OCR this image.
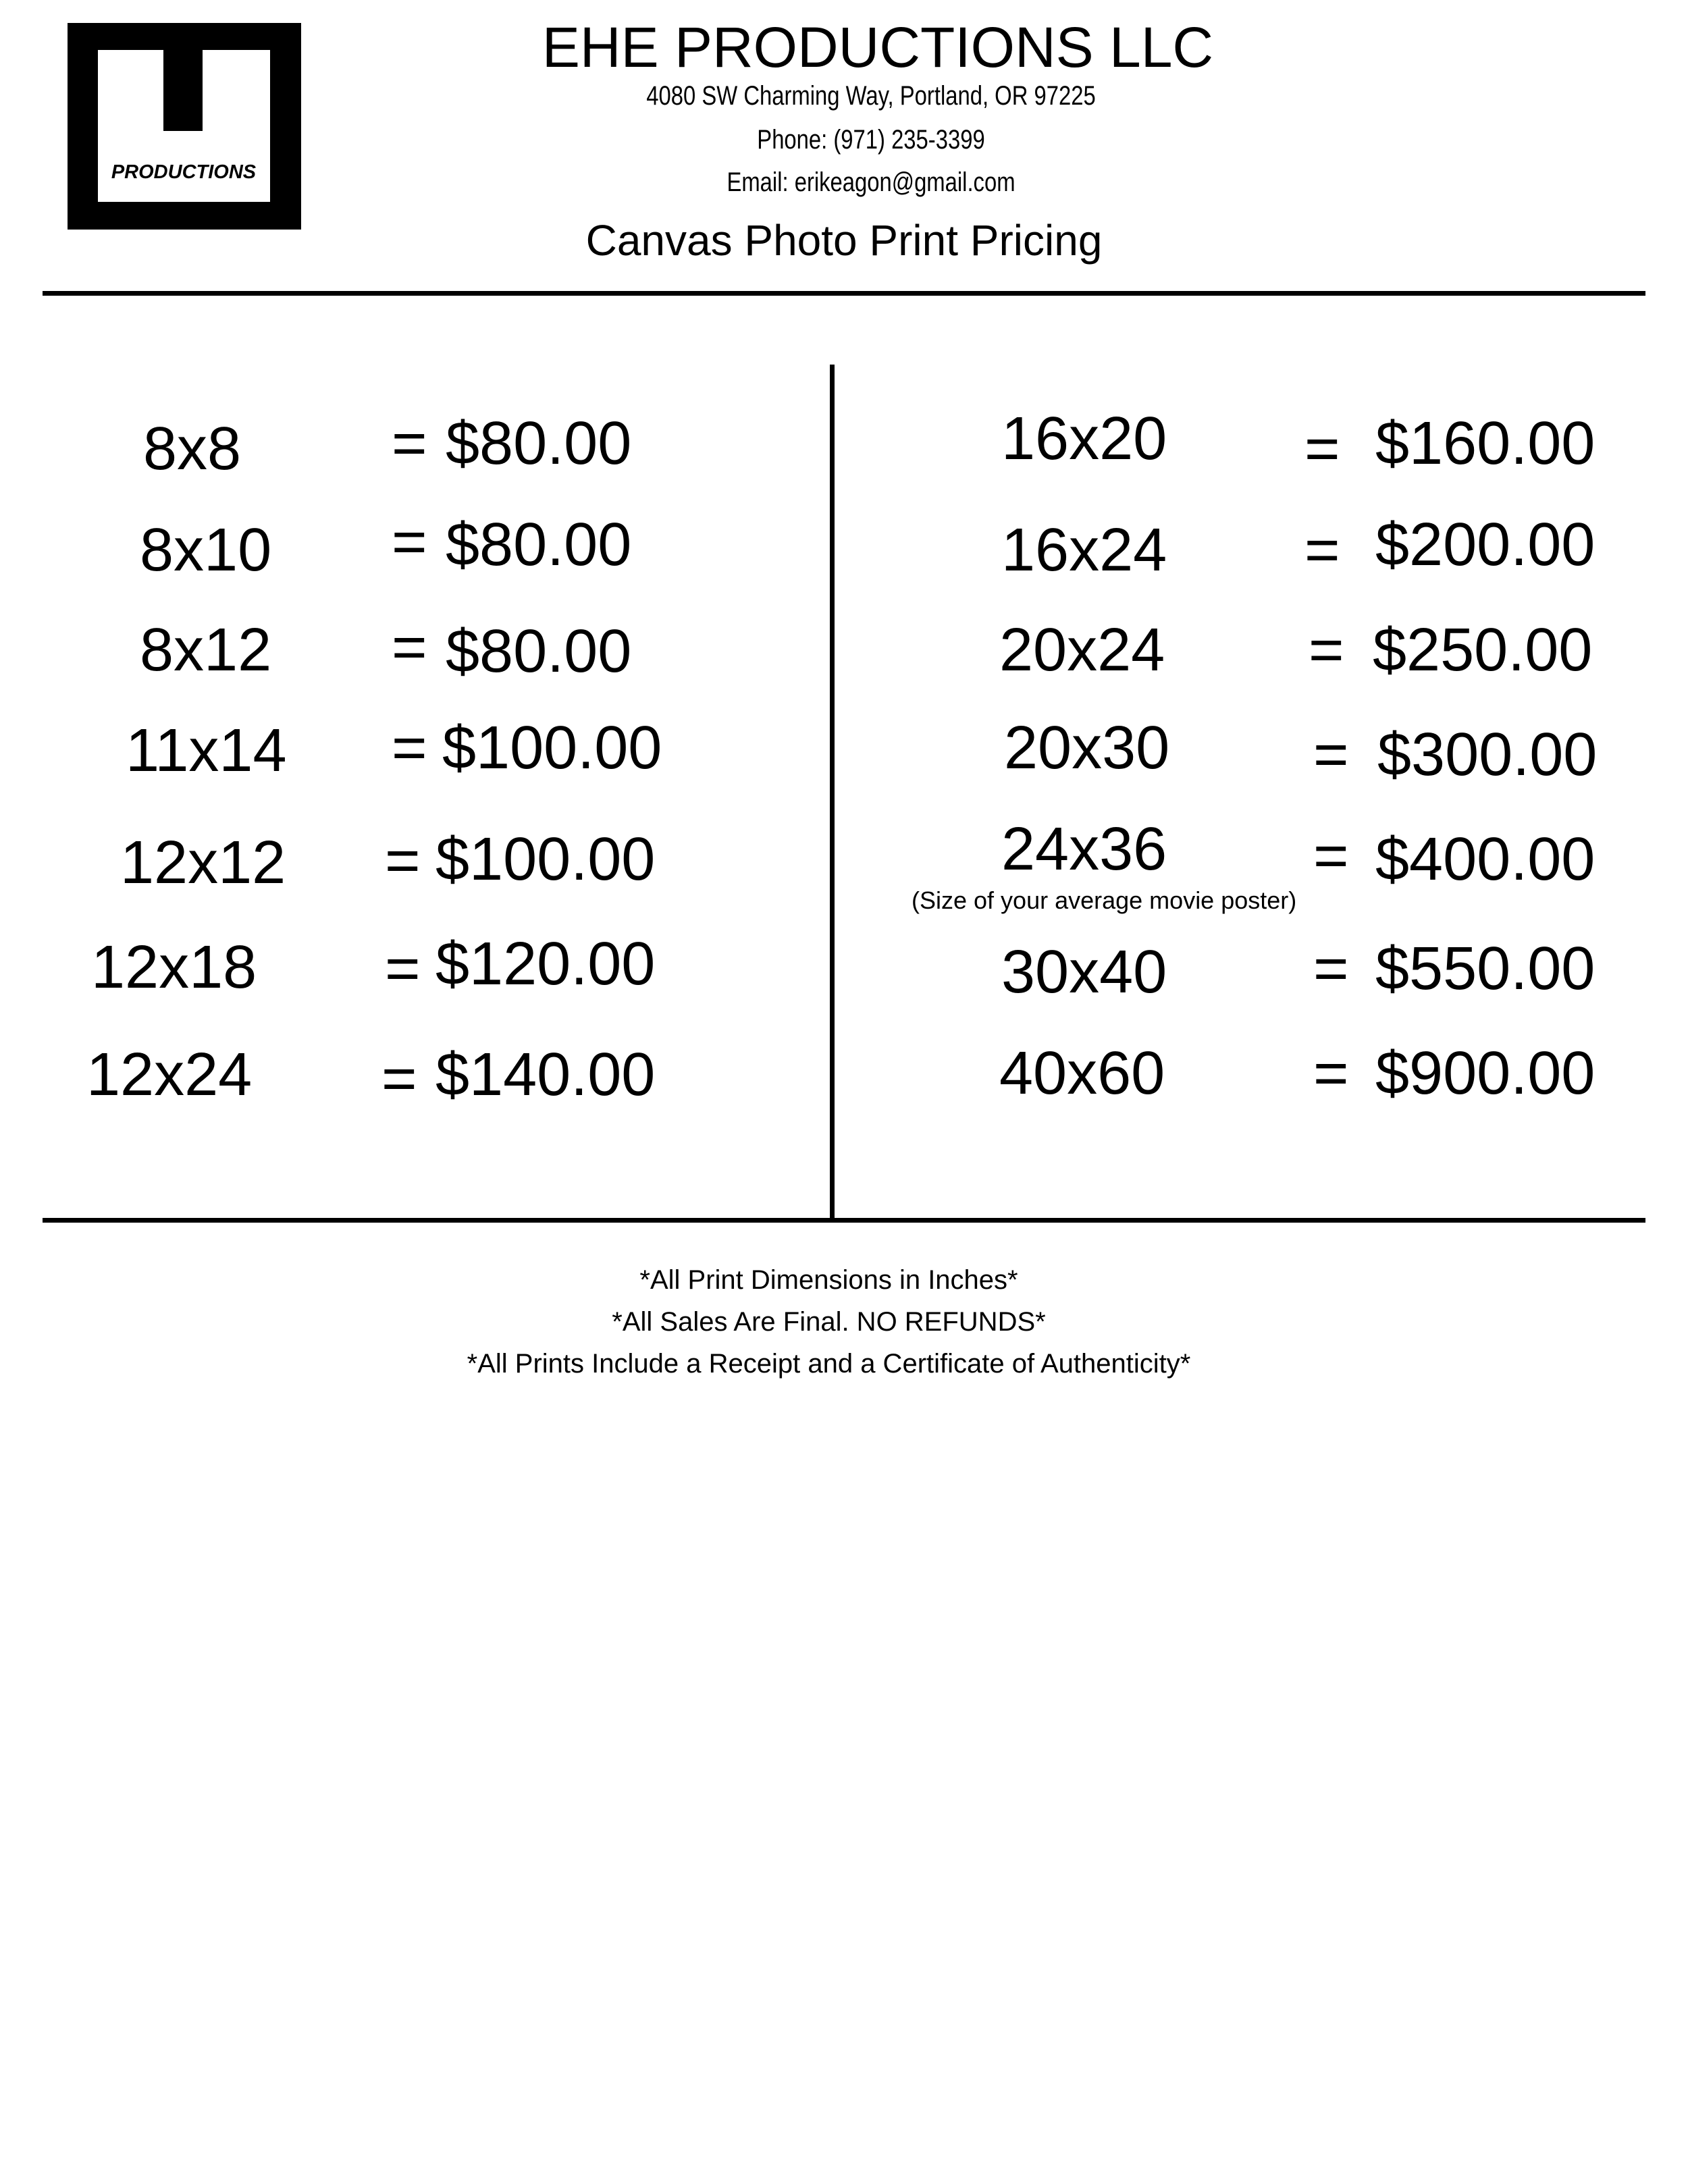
PRODUCTIONS
EHE PRODUCTIONS LLC
4080 SW Charming Way, Portland, OR 97225
Phone: (971) 235-3399
Email: erikeagon@gmail.com
Canvas Photo Print Pricing
8x8 = $80.00
8x10 = $80.00
8x12 = $80.00
11x14 = $100.00
12x12 = $100.00
12x18 = $120.00
12x24 = $140.00
16x20 = $160.00
16x24 = $200.00
20x24 = $250.00
20x30 = $300.00
24x36 = $400.00
(Size of your average movie poster)
30x40 = $550.00
40x60 = $900.00
*All Print Dimensions in Inches*
*All Sales Are Final. NO REFUNDS*
*All Prints Include a Receipt and a Certificate of Authenticity*
